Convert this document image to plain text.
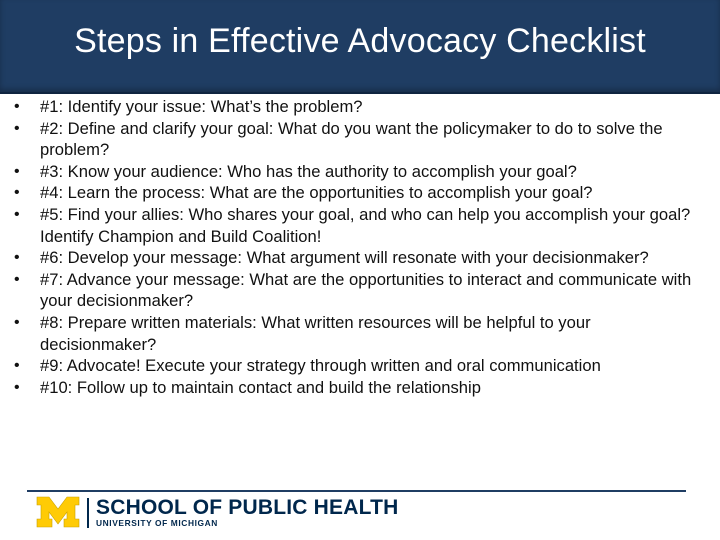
Steps in Effective Advocacy Checklist
•	#1: Identify your issue: What’s the problem?
•	#2: Define and clarify your goal: What do you want the policymaker to do to solve the problem?
•	#3: Know your audience: Who has the authority to accomplish your goal?
•	#4: Learn the process: What are the opportunities to accomplish your goal?
•	#5: Find your allies: Who shares your goal, and who can help you accomplish your goal? Identify Champion and Build Coalition!
•	#6: Develop your message: What argument will resonate with your decisionmaker?
•	#7: Advance your message: What are the opportunities to interact and communicate with your decisionmaker?
•	#8: Prepare written materials: What written resources will be helpful to your decisionmaker?
•	#9: Advocate! Execute your strategy through written and oral communication
•	#10: Follow up to maintain contact and build the relationship
SCHOOL OF PUBLIC HEALTH
UNIVERSITY OF MICHIGAN
